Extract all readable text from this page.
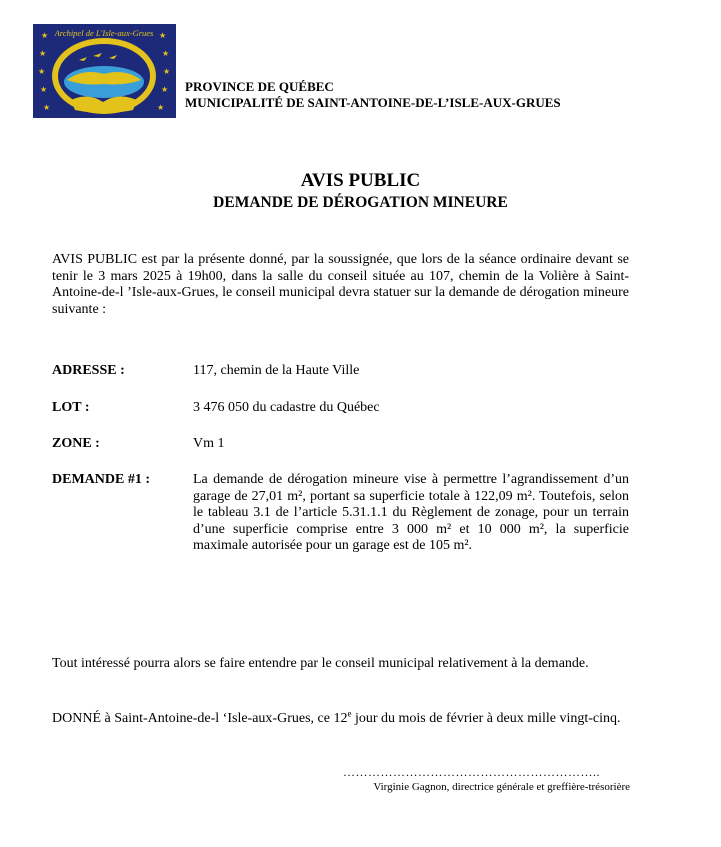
★
★
★
★
★
★
★
★
★
★
Archipel de L'Isle-aux-Grues
PROVINCE DE QUÉBEC
MUNICIPALITÉ DE SAINT-ANTOINE-DE-L’ISLE-AUX-GRUES
AVIS PUBLIC
DEMANDE DE DÉROGATION MINEURE
AVIS PUBLIC est par la présente donné, par la soussignée, que lors de la séance ordinaire devant se tenir le 3 mars 2025 à 19h00, dans la salle du conseil située au 107, chemin de la Volière à Saint-Antoine-de-l ’Isle-aux-Grues, le conseil municipal devra statuer sur la demande de dérogation mineure suivante :
ADRESSE :	117, chemin de la Haute Ville
LOT :	3 476 050 du cadastre du Québec
ZONE :	Vm 1
DEMANDE #1 :	La demande de dérogation mineure vise à permettre l’agrandissement d’un garage de 27,01 m², portant sa superficie totale à 122,09 m². Toutefois, selon le tableau 3.1 de l’article 5.31.1.1 du Règlement de zonage, pour un terrain d’une superficie comprise entre 3 000 m² et 10 000 m², la superficie maximale autorisée pour un garage est de 105 m².
Tout intéressé pourra alors se faire entendre par le conseil municipal relativement à la demande.
DONNÉ à Saint-Antoine-de-l ‘Isle-aux-Grues, ce 12e jour du mois de février à deux mille vingt-cinq.
……………………………………………………..
Virginie Gagnon, directrice générale et greffière-trésorière
